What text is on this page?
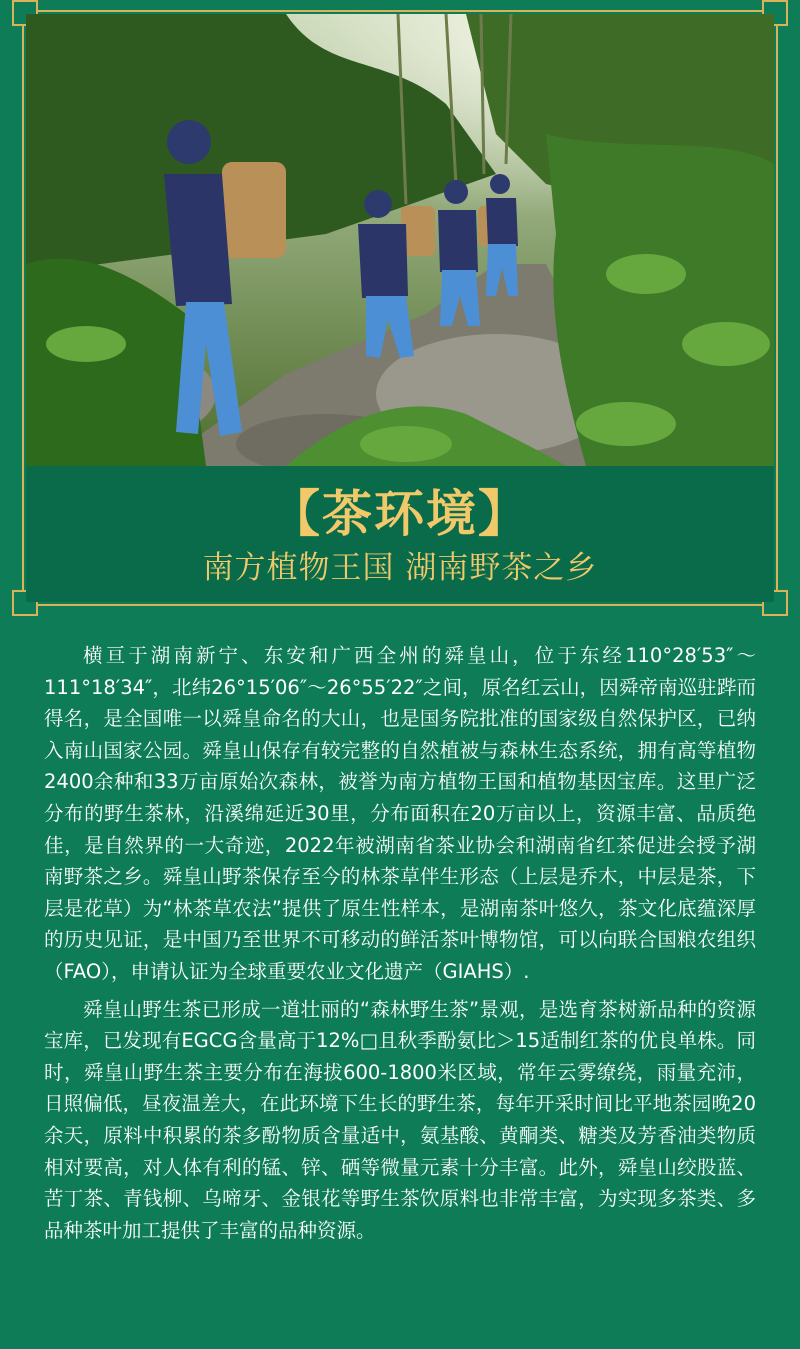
【茶环境】
南方植物王国 湖南野茶之乡

横亘于湖南新宁、东安和广西全州的舜皇山，位于东经110°28′53″～111°18′34″，北纬26°15′06″～26°55′22″之间，原名红云山，因舜帝南巡驻跸而得名，是全国唯一以舜皇命名的大山，也是国务院批准的国家级自然保护区，已纳入南山国家公园。舜皇山保存有较完整的自然植被与森林生态系统，拥有高等植物2400余种和33万亩原始次森林，被誉为南方植物王国和植物基因宝库。这里广泛分布的野生茶林，沿溪绵延近30里，分布面积在20万亩以上，资源丰富、品质绝佳，是自然界的一大奇迹，2022年被湖南省茶业协会和湖南省红茶促进会授予湖南野茶之乡。舜皇山野茶保存至今的林茶草伴生形态（上层是乔木，中层是茶，下层是花草）为“林茶草农法”提供了原生性样本，是湖南茶叶悠久，茶文化底蕴深厚的历史见证，是中国乃至世界不可移动的鲜活茶叶博物馆，可以向联合国粮农组织（FAO），申请认证为全球重要农业文化遗产（GIAHS）.

舜皇山野生茶已形成一道壮丽的“森林野生茶”景观，是选育茶树新品种的资源宝库，已发现有EGCG含量高于12%□且秋季酚氨比＞15适制红茶的优良单株。同时，舜皇山野生茶主要分布在海拔600-1800米区域，常年云雾缭绕，雨量充沛，日照偏低，昼夜温差大，在此环境下生长的野生茶，每年开采时间比平地茶园晚20余天，原料中积累的茶多酚物质含量适中，氨基酸、黄酮类、糖类及芳香油类物质相对要高，对人体有利的锰、锌、硒等微量元素十分丰富。此外，舜皇山绞股蓝、苦丁茶、青钱柳、乌啼牙、金银花等野生茶饮原料也非常丰富，为实现多茶类、多品种茶叶加工提供了丰富的品种资源。
